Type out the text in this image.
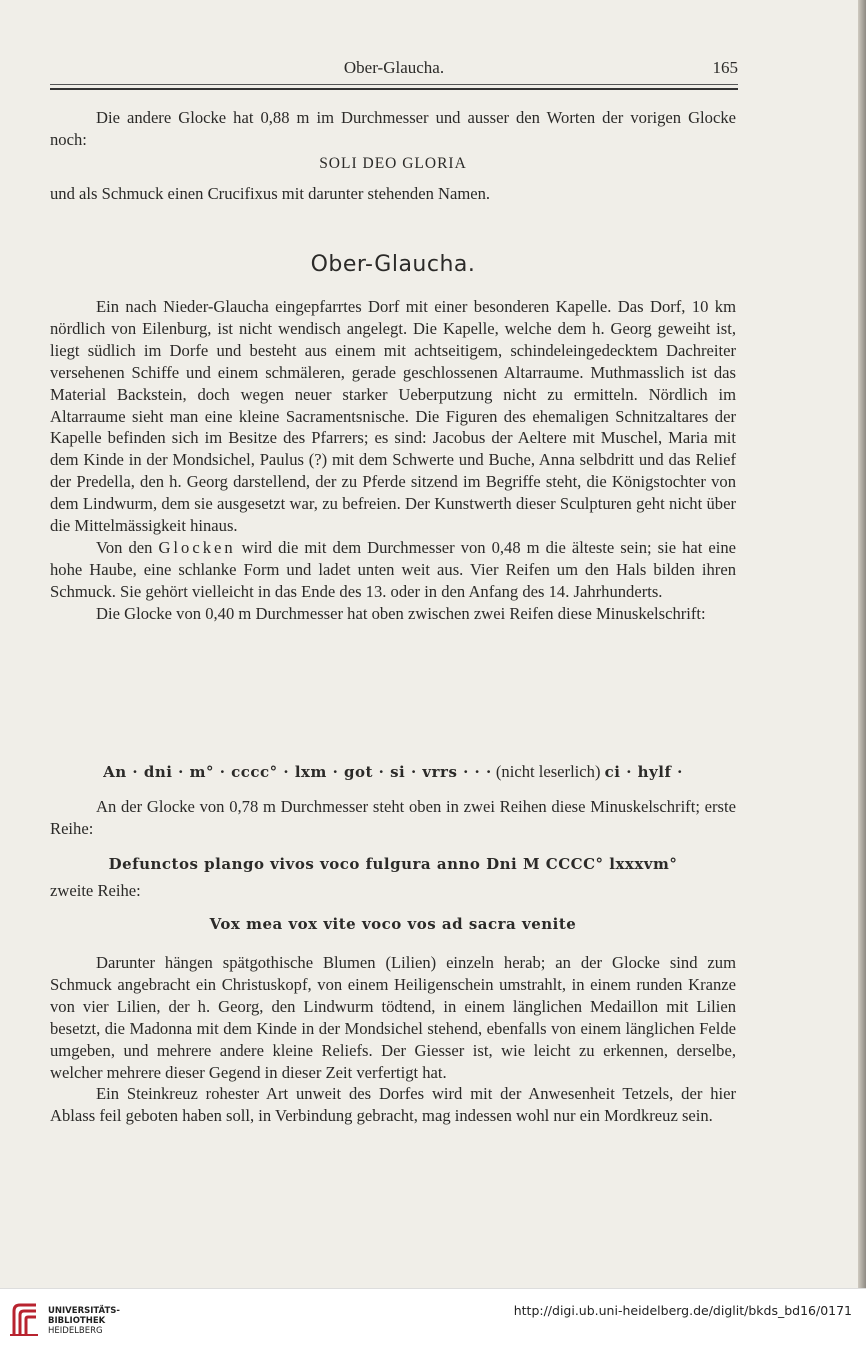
Ober-Glaucha.	165

Die andere Glocke hat 0,88 m im Durchmesser und ausser den Worten der vorigen Glocke noch:

SOLI DEO GLORIA

und als Schmuck einen Crucifixus mit darunter stehenden Namen.

Ober-Glaucha.

Ein nach Nieder-Glaucha eingepfarrtes Dorf mit einer besonderen Kapelle. Das Dorf, 10 km nördlich von Eilenburg, ist nicht wendisch angelegt. Die Kapelle, welche dem h. Georg geweiht ist, liegt südlich im Dorfe und besteht aus einem mit achtseitigem, schindeleingedecktem Dachreiter versehenen Schiffe und einem schmäleren, gerade geschlossenen Altarraume. Muthmasslich ist das Material Backstein, doch wegen neuer starker Ueberputzung nicht zu ermitteln. Nördlich im Altarraume sieht man eine kleine Sacramentsnische. Die Figuren des ehemaligen Schnitzaltares der Kapelle befinden sich im Besitze des Pfarrers; es sind: Jacobus der Aeltere mit Muschel, Maria mit dem Kinde in der Mondsichel, Paulus (?) mit dem Schwerte und Buche, Anna selbdritt und das Relief der Predella, den h. Georg darstellend, der zu Pferde sitzend im Begriffe steht, die Königstochter von dem Lindwurm, dem sie ausgesetzt war, zu befreien. Der Kunstwerth dieser Sculpturen geht nicht über die Mittelmässigkeit hinaus.

Von den Glocken wird die mit dem Durchmesser von 0,48 m die älteste sein; sie hat eine hohe Haube, eine schlanke Form und ladet unten weit aus. Vier Reifen um den Hals bilden ihren Schmuck. Sie gehört vielleicht in das Ende des 13. oder in den Anfang des 14. Jahrhunderts.

Die Glocke von 0,40 m Durchmesser hat oben zwischen zwei Reifen diese Minuskelschrift:

An · dni · m° · cccc° · lxm · got · si · vrrs · · · (nicht leserlich) ci · hylf ·

An der Glocke von 0,78 m Durchmesser steht oben in zwei Reihen diese Minuskelschrift; erste Reihe:

Defunctos plango vivos voco fulgura anno Dni M CCCC° lxxxvm°

zweite Reihe:

Vox mea vox vite voco vos ad sacra venite

Darunter hängen spätgothische Blumen (Lilien) einzeln herab; an der Glocke sind zum Schmuck angebracht ein Christuskopf, von einem Heiligenschein umstrahlt, in einem runden Kranze von vier Lilien, der h. Georg, den Lindwurm tödtend, in einem länglichen Medaillon mit Lilien besetzt, die Madonna mit dem Kinde in der Mondsichel stehend, ebenfalls von einem länglichen Felde umgeben, und mehrere andere kleine Reliefs. Der Giesser ist, wie leicht zu erkennen, derselbe, welcher mehrere dieser Gegend in dieser Zeit verfertigt hat.

Ein Steinkreuz rohester Art unweit des Dorfes wird mit der Anwesenheit Tetzels, der hier Ablass feil geboten haben soll, in Verbindung gebracht, mag indessen wohl nur ein Mordkreuz sein.

UNIVERSITÄTS-
BIBLIOTHEK
HEIDELBERG
http://digi.ub.uni-heidelberg.de/diglit/bkds_bd16/0171
